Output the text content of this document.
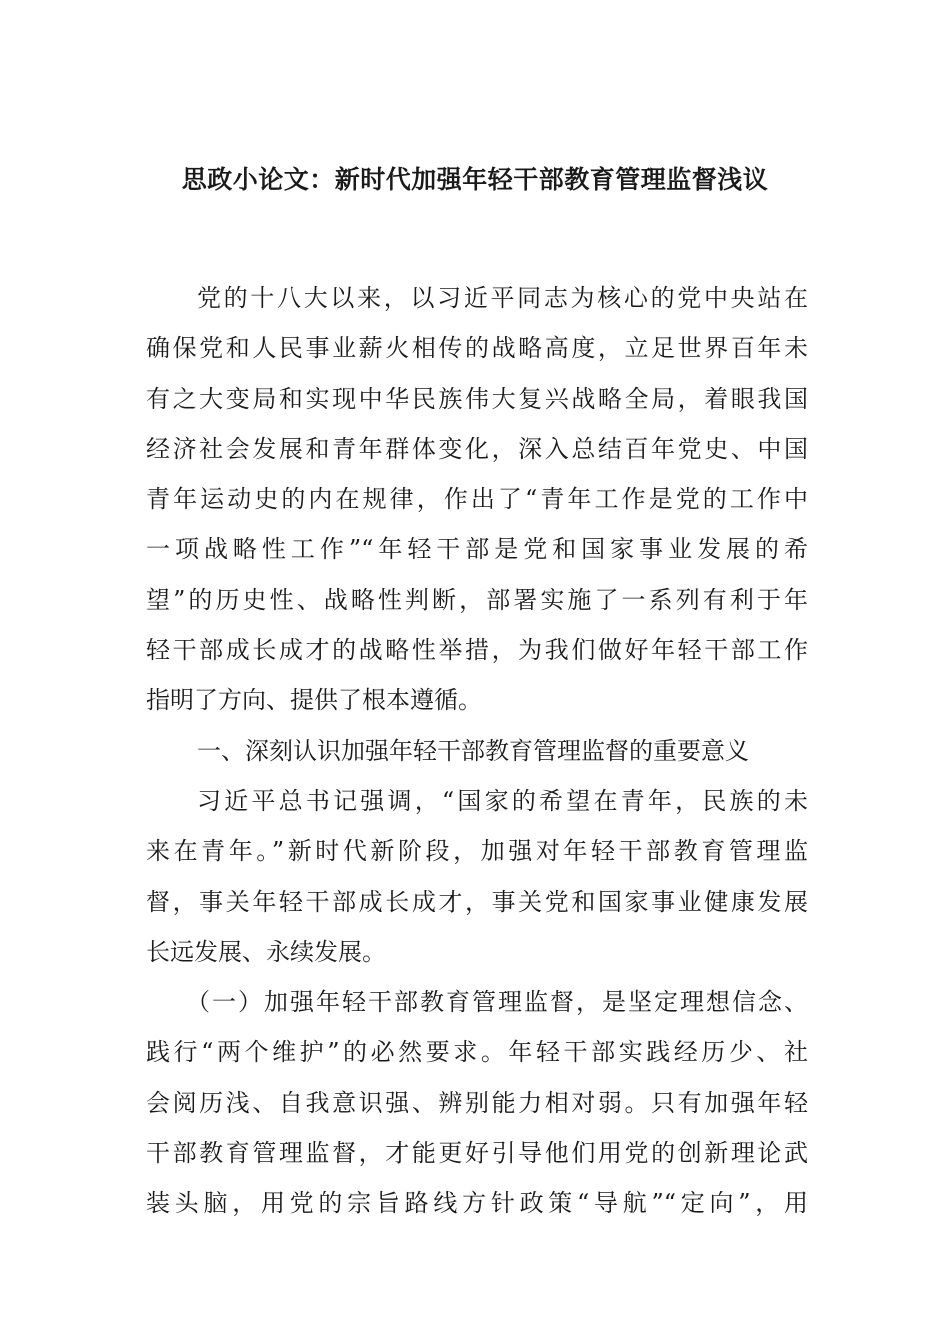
思政小论文：新时代加强年轻干部教育管理监督浅议
党的十八大以来，以习近平同志为核心的党中央站在
确保党和人民事业薪火相传的战略高度，立足世界百年未
有之大变局和实现中华民族伟大复兴战略全局，着眼我国
经济社会发展和青年群体变化，深入总结百年党史、中国
青年运动史的内在规律，作出了“青年工作是党的工作中
一项战略性工作”“年轻干部是党和国家事业发展的希
望”的历史性、战略性判断，部署实施了一系列有利于年
轻干部成长成才的战略性举措，为我们做好年轻干部工作
指明了方向、提供了根本遵循。
一、深刻认识加强年轻干部教育管理监督的重要意义
习近平总书记强调，“国家的希望在青年，民族的未
来在青年。”新时代新阶段，加强对年轻干部教育管理监
督，事关年轻干部成长成才，事关党和国家事业健康发展
长远发展、永续发展。
（一）加强年轻干部教育管理监督，是坚定理想信念、
践行“两个维护”的必然要求。年轻干部实践经历少、社
会阅历浅、自我意识强、辨别能力相对弱。只有加强年轻
干部教育管理监督，才能更好引导他们用党的创新理论武
装头脑，用党的宗旨路线方针政策“导航”“定向”，用
